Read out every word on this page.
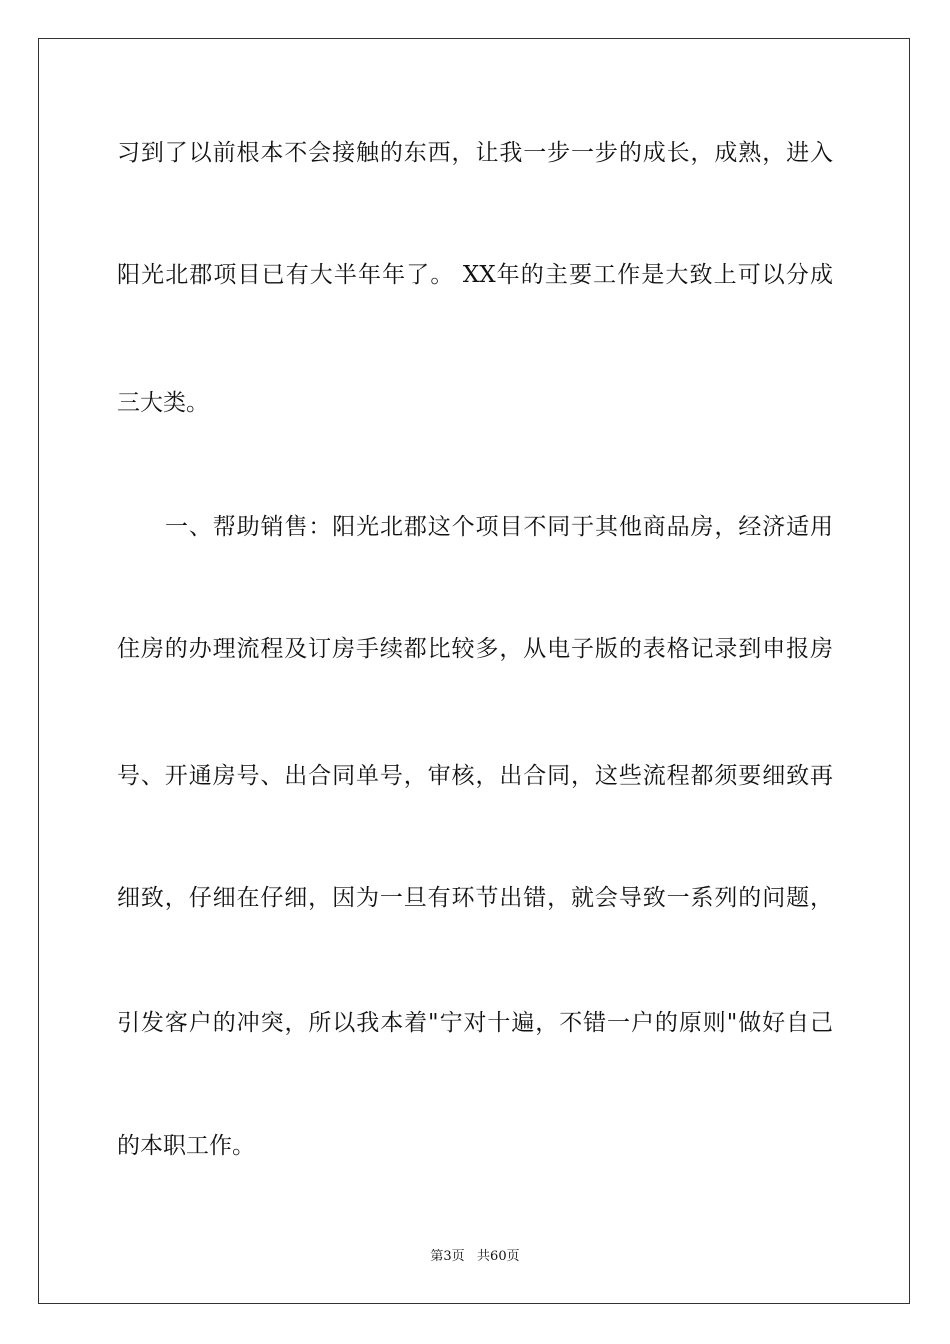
习到了以前根本不会接触的东西，让我一步一步的成长，成熟，进入
阳光北郡项目已有大半年年了。 XX年的主要工作是大致上可以分成
三大类。
一、帮助销售：阳光北郡这个项目不同于其他商品房，经济适用
住房的办理流程及订房手续都比较多，从电子版的表格记录到申报房
号、开通房号、出合同单号，审核，出合同，这些流程都须要细致再
细致，仔细在仔细，因为一旦有环节出错，就会导致一系列的问题，
引发客户的冲突，所以我本着"宁对十遍，不错一户的原则"做好自己
的本职工作。
第3页   共60页
